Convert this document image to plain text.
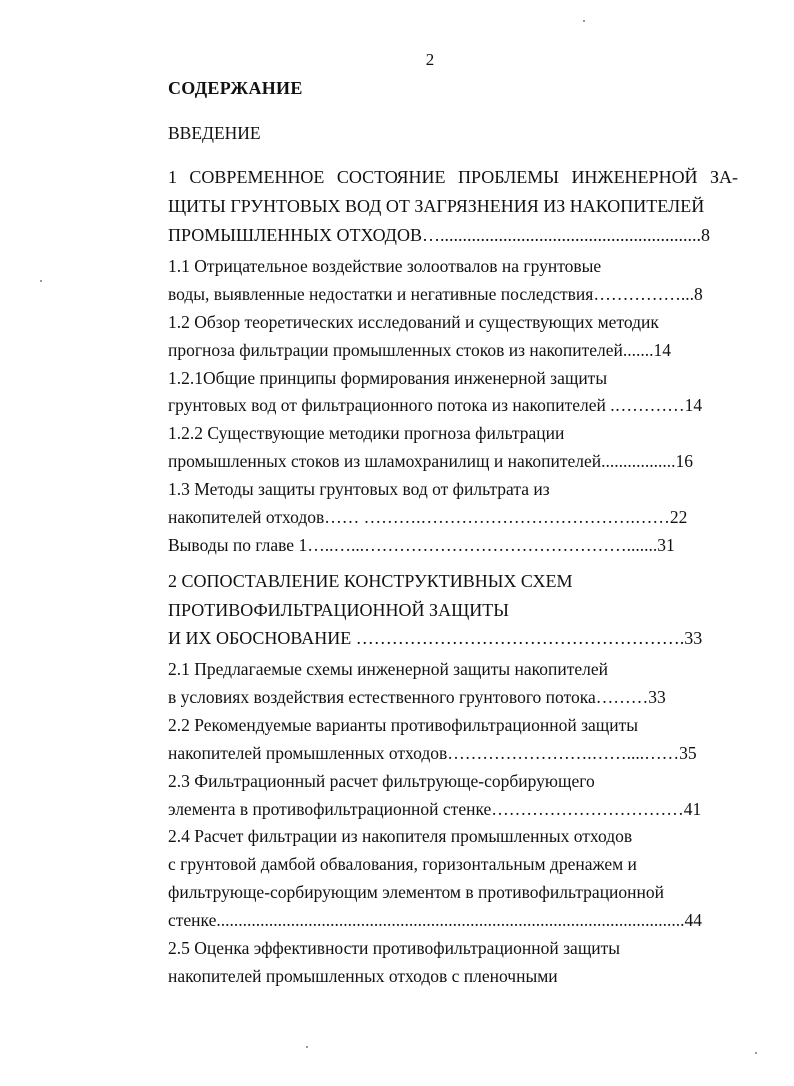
2
СОДЕРЖАНИЕ
ВВЕДЕНИЕ
1 СОВРЕМЕННОЕ СОСТОЯНИЕ ПРОБЛЕМЫ ИНЖЕНЕРНОЙ ЗА-
ЩИТЫ ГРУНТОВЫХ ВОД ОТ ЗАГРЯЗНЕНИЯ ИЗ НАКОПИТЕЛЕЙ
ПРОМЫШЛЕННЫХ ОТХОДОВ…..........................................................8
1.1 Отрицательное воздействие золоотвалов на грунтовые
воды, выявленные недостатки и негативные последствия……………...8
1.2 Обзор теоретических исследований и существующих методик
прогноза фильтрации промышленных стоков из накопителей.......14
1.2.1Общие принципы формирования инженерной защиты
грунтовых вод от фильтрационного потока из накопителей .…………14
1.2.2 Существующие методики прогноза фильтрации
промышленных стоков из шламохранилищ и накопителей.................16
1.3 Методы защиты грунтовых вод от фильтрата из
накопителей отходов…… ……….……………………………….……22
Выводы по главе 1…..…...……………………………………….......31
2 СОПОСТАВЛЕНИЕ КОНСТРУКТИВНЫХ СХЕМ
ПРОТИВОФИЛЬТРАЦИОННОЙ ЗАЩИТЫ
И ИХ ОБОСНОВАНИЕ ……………………………………………….33
2.1 Предлагаемые схемы инженерной защиты накопителей
в условиях воздействия естественного грунтового потока………33
2.2 Рекомендуемые варианты противофильтрационной защиты
накопителей промышленных отходов…………………….……....……35
2.3 Фильтрационный расчет фильтрующе-сорбирующего
элемента в противофильтрационной стенке……………………………41
2.4 Расчет фильтрации из накопителя промышленных отходов
с грунтовой дамбой обвалования, горизонтальным дренажем и
фильтрующе-сорбирующим элементом в противофильтрационной
стенке...........................................................................................................44
2.5 Оценка эффективности противофильтрационной защиты
накопителей промышленных отходов с пленочными
